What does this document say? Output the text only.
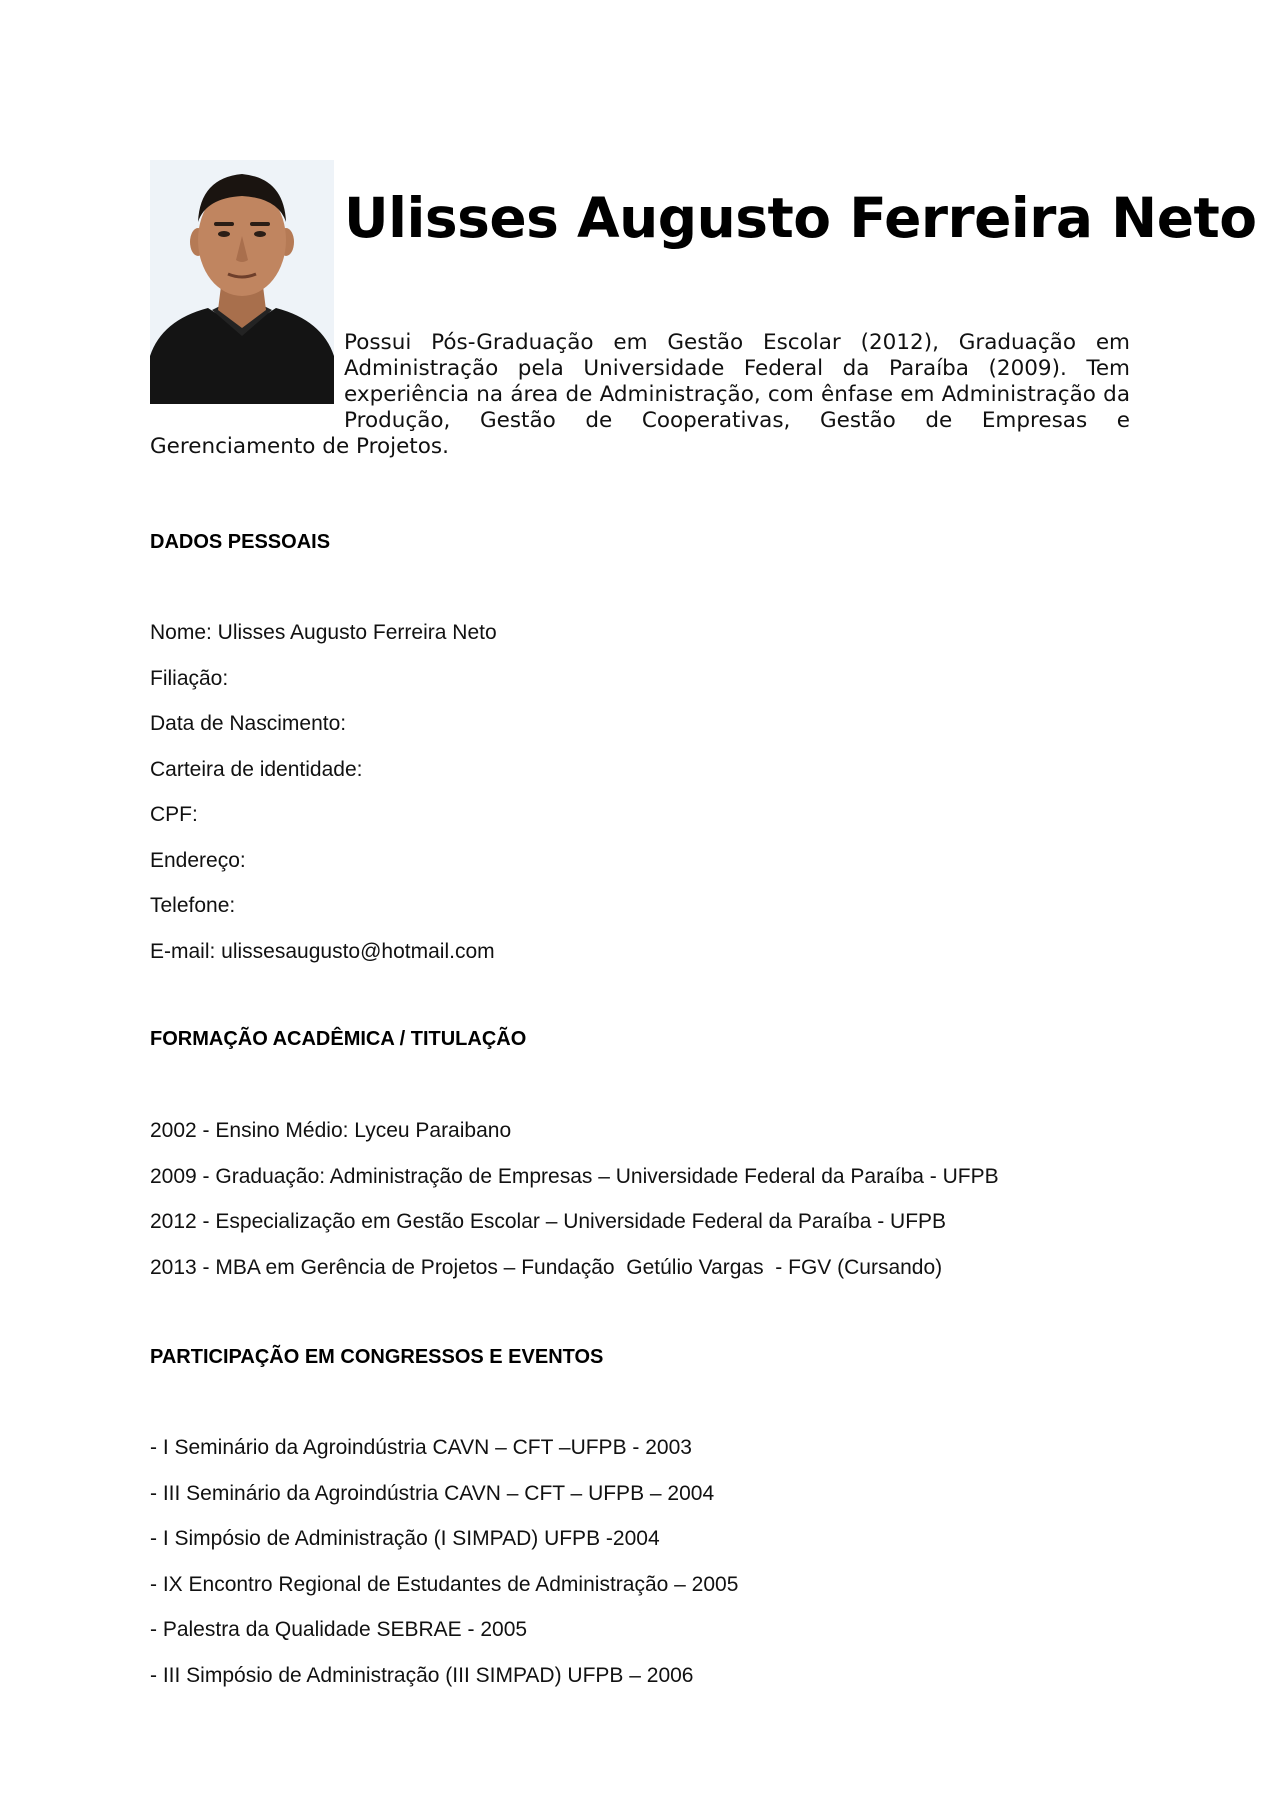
Ulisses Augusto Ferreira Neto

Possui Pós-Graduação em Gestão Escolar (2012), Graduação em Administração pela Universidade Federal da Paraíba (2009). Tem experiência na área de Administração, com ênfase em Administração da Produção, Gestão de Cooperativas, Gestão de Empresas e Gerenciamento de Projetos.

DADOS PESSOAIS
Nome: Ulisses Augusto Ferreira Neto
Filiação:
Data de Nascimento:
Carteira de identidade:
CPF:
Endereço:
Telefone:
E-mail: ulissesaugusto@hotmail.com
FORMAÇÃO ACADÊMICA / TITULAÇÃO
2002 - Ensino Médio: Lyceu Paraibano
2009 - Graduação: Administração de Empresas – Universidade Federal da Paraíba - UFPB
2012 - Especialização em Gestão Escolar – Universidade Federal da Paraíba - UFPB
2013 - MBA em Gerência de Projetos – Fundação  Getúlio Vargas  - FGV (Cursando)
PARTICIPAÇÃO EM CONGRESSOS E EVENTOS
- I Seminário da Agroindústria CAVN – CFT –UFPB - 2003
- III Seminário da Agroindústria CAVN – CFT – UFPB – 2004
- I Simpósio de Administração (I SIMPAD) UFPB -2004
- IX Encontro Regional de Estudantes de Administração – 2005
- Palestra da Qualidade SEBRAE - 2005
- III Simpósio de Administração (III SIMPAD) UFPB – 2006
